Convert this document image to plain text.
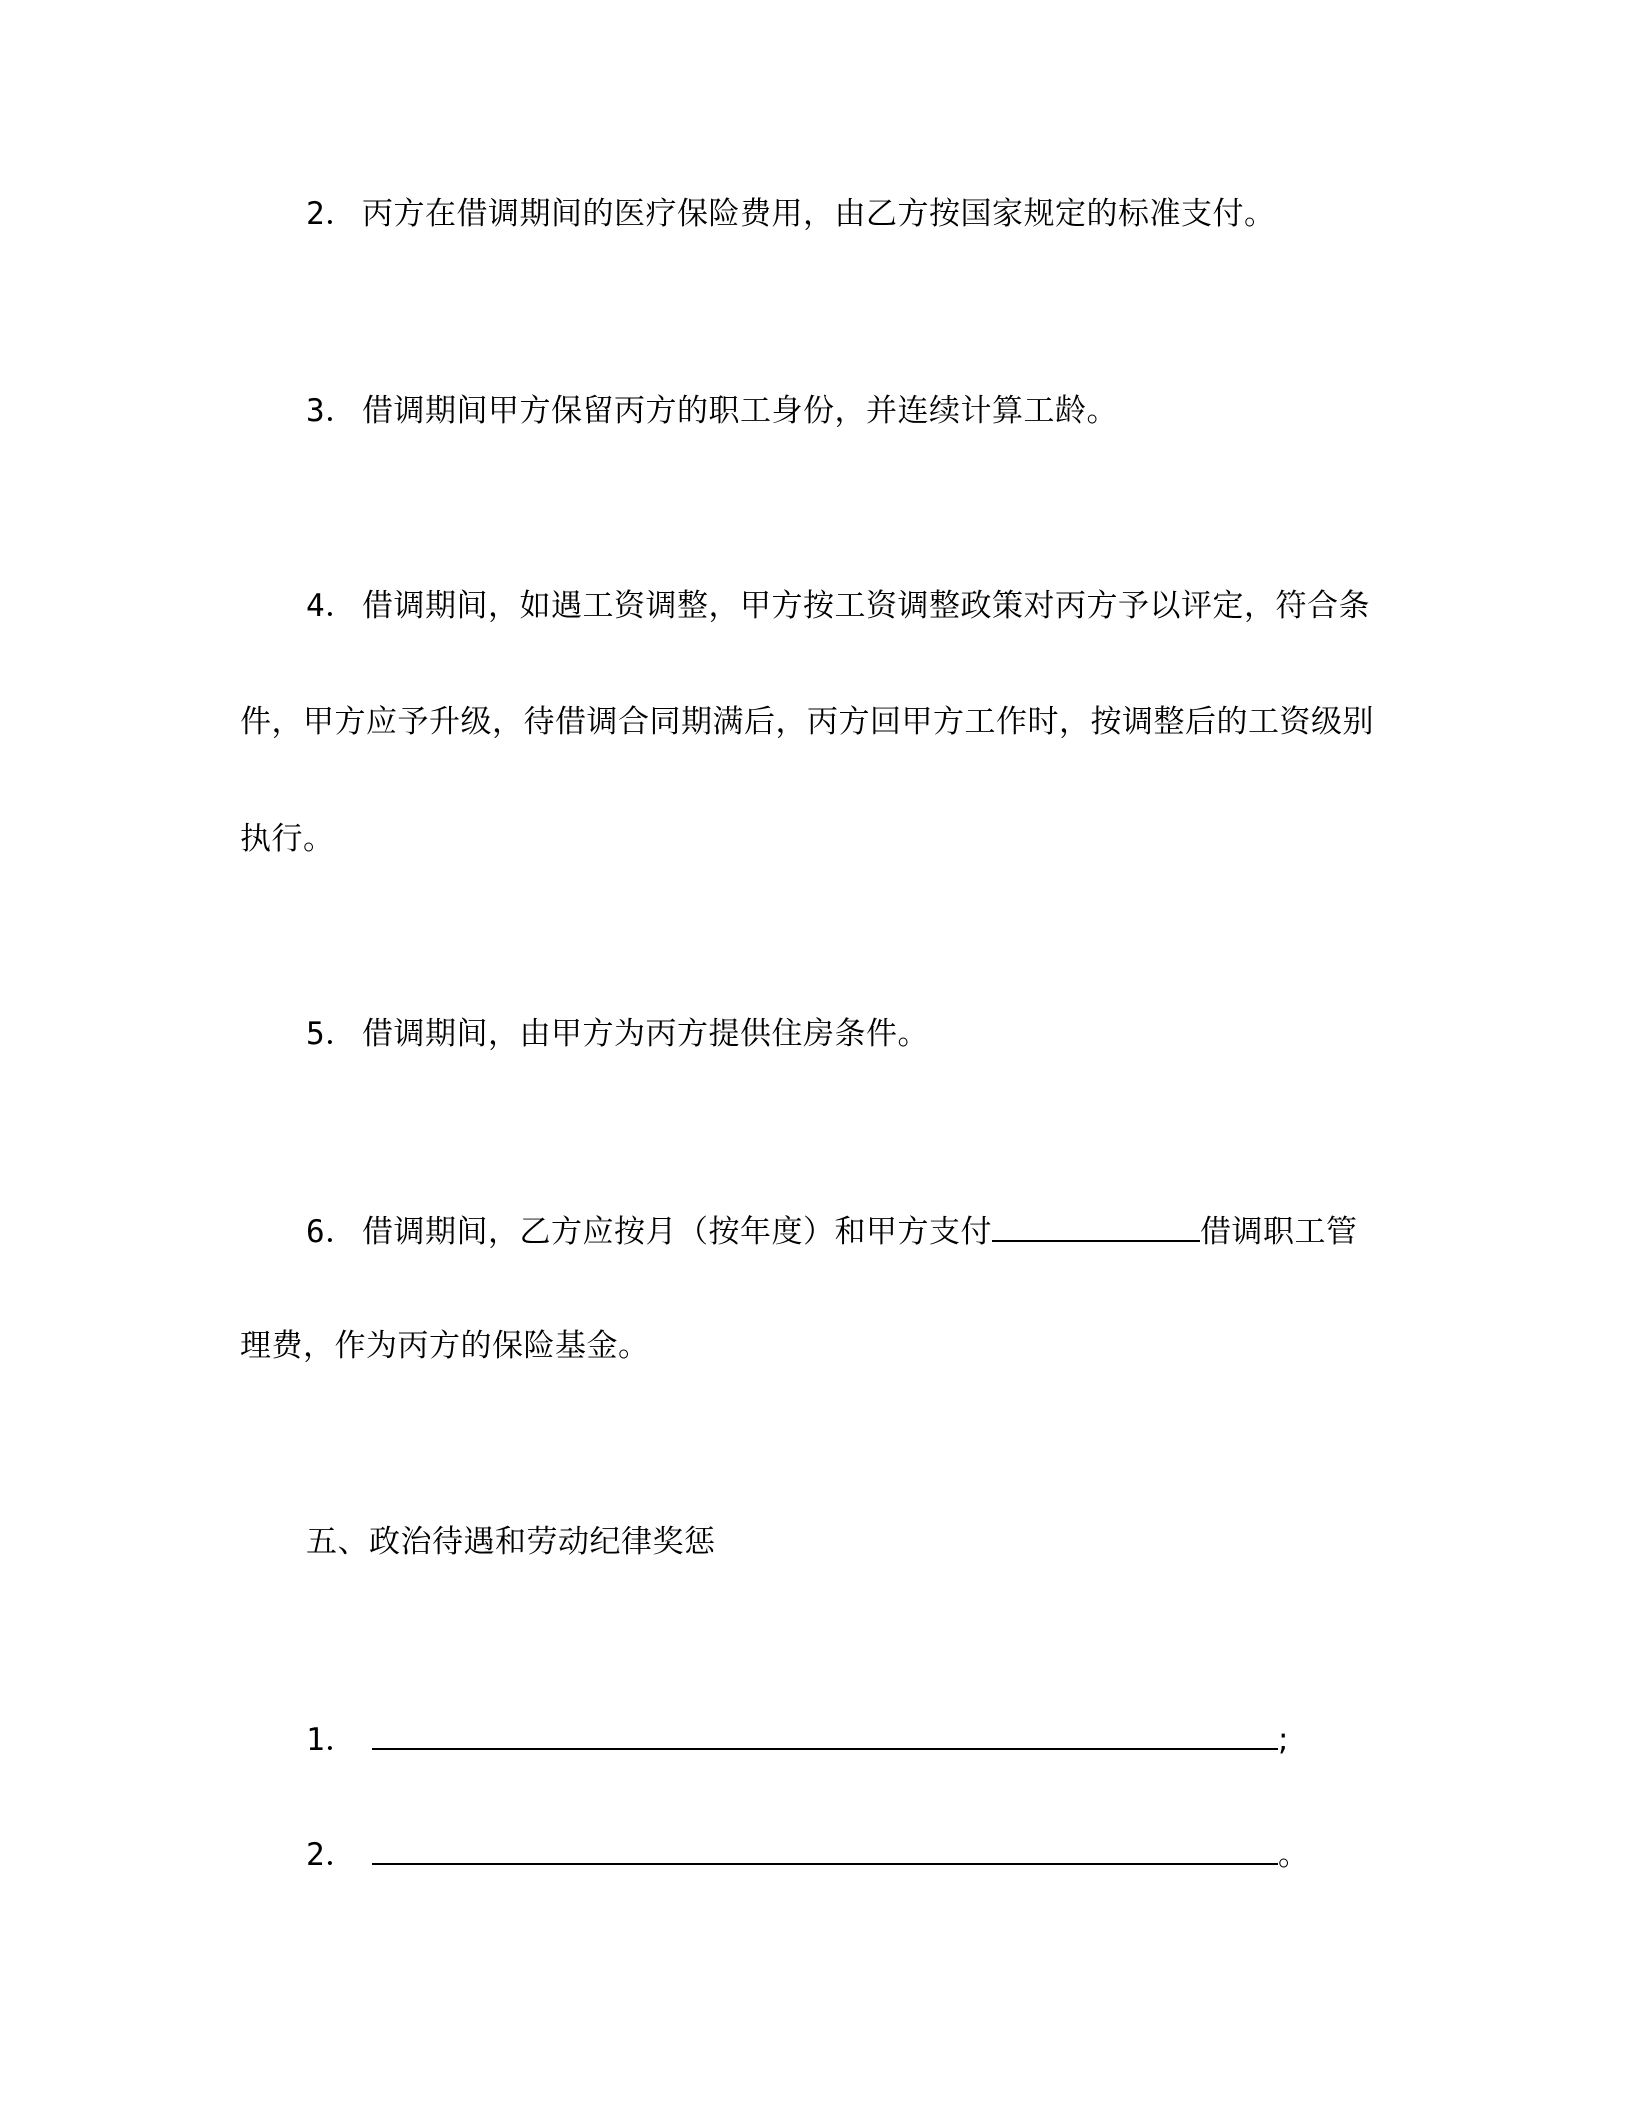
2． 丙方在借调期间的医疗保险费用，由乙方按国家规定的标准支付。
3． 借调期间甲方保留丙方的职工身份，并连续计算工龄。
4． 借调期间，如遇工资调整，甲方按工资调整政策对丙方予以评定，符合条
件，甲方应予升级，待借调合同期满后，丙方回甲方工作时，按调整后的工资级别
执行。
5． 借调期间，由甲方为丙方提供住房条件。
6． 借调期间，乙方应按月（按年度）和甲方支付	借调职工管
理费，作为丙方的保险基金。
五、政治待遇和劳动纪律奖惩
1．	;
2．	。
